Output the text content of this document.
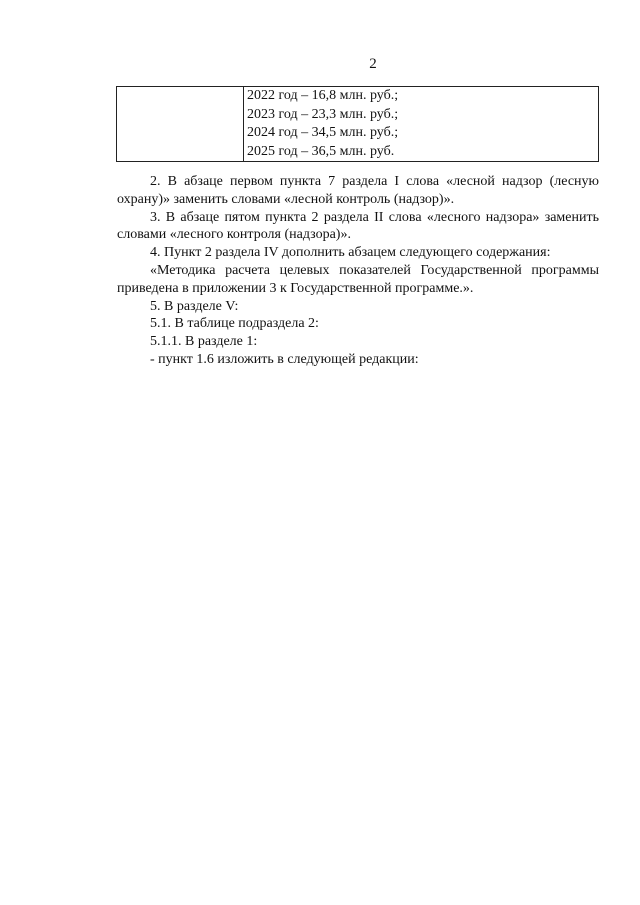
2

2022 год – 16,8 млн. руб.;
2023 год – 23,3 млн. руб.;
2024 год – 34,5 млн. руб.;
2025 год – 36,5 млн. руб.

2. В абзаце первом пункта 7 раздела I слова «лесной надзор (лесную охрану)» заменить словами «лесной контроль (надзор)».

3. В абзаце пятом пункта 2 раздела II слова «лесного надзора» заменить словами «лесного контроля (надзора)».

4. Пункт 2 раздела IV дополнить абзацем следующего содержания:

«Методика расчета целевых показателей Государственной программы приведена в приложении 3 к Государственной программе.».

5. В разделе V:

5.1. В таблице подраздела 2:

5.1.1. В разделе 1:

- пункт 1.6 изложить в следующей редакции:
